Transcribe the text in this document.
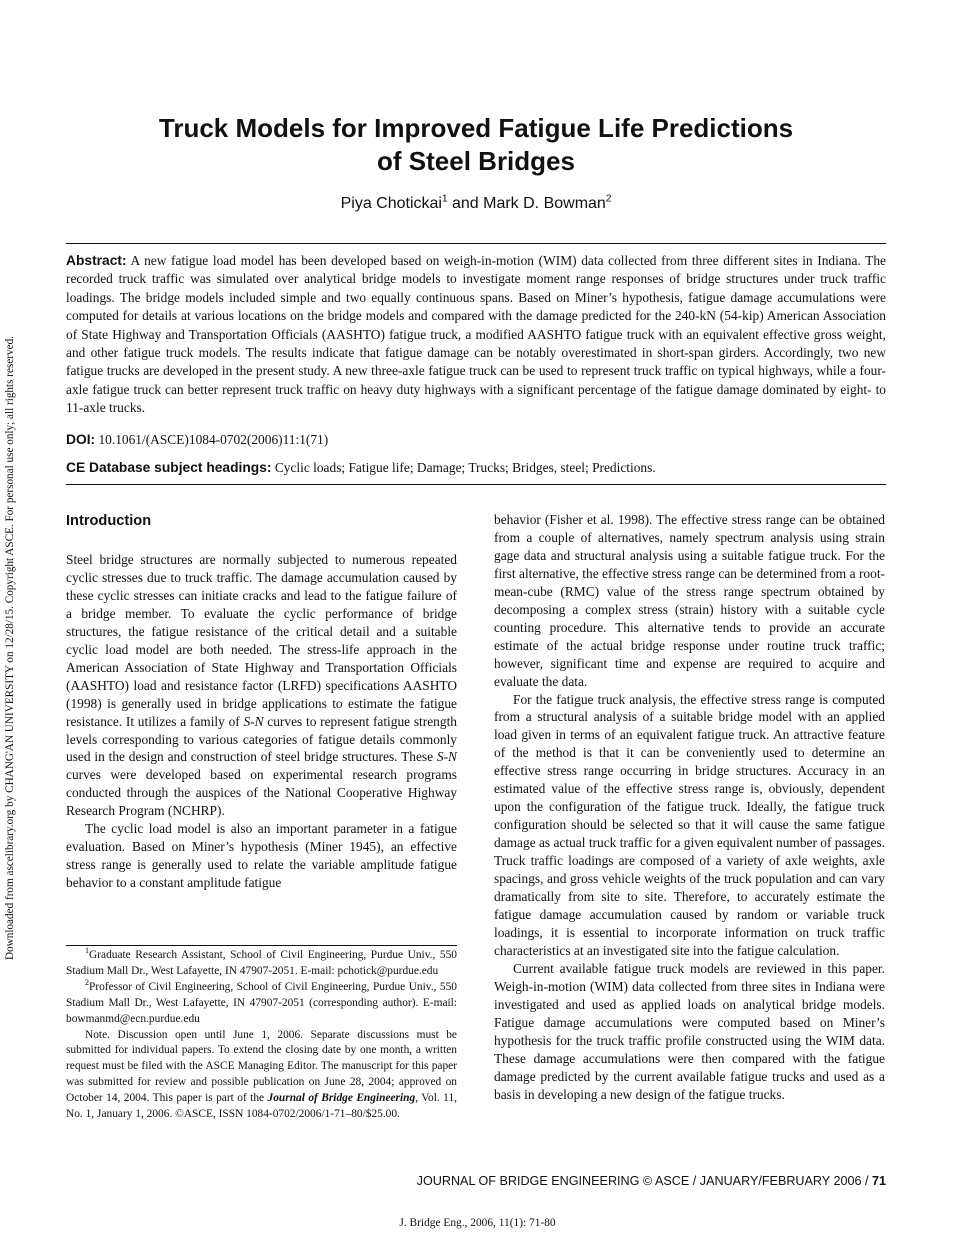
Downloaded from ascelibrary.org by CHANG'AN UNIVERSITY on 12/28/15. Copyright ASCE. For personal use only; all rights reserved.
Truck Models for Improved Fatigue Life Predictions
of Steel Bridges
Piya Chotickai$^1$ and Mark D. Bowman$^2$
Abstract: A new fatigue load model has been developed based on weigh-in-motion (WIM) data collected from three different sites in Indiana. The recorded truck traffic was simulated over analytical bridge models to investigate moment range responses of bridge structures under truck traffic loadings. The bridge models included simple and two equally continuous spans. Based on Miner’s hypothesis, fatigue damage accumulations were computed for details at various locations on the bridge models and compared with the damage predicted for the 240-kN (54-kip) American Association of State Highway and Transportation Officials (AASHTO) fatigue truck, a modified AASHTO fatigue truck with an equivalent effective gross weight, and other fatigue truck models. The results indicate that fatigue damage can be notably overestimated in short-span girders. Accordingly, two new fatigue trucks are developed in the present study. A new three-axle fatigue truck can be used to represent truck traffic on typical highways, while a four-axle fatigue truck can better represent truck traffic on heavy duty highways with a significant percentage of the fatigue damage dominated by eight- to 11-axle trucks.
DOI: 10.1061/(ASCE)1084-0702(2006)11:1(71)
CE Database subject headings: Cyclic loads; Fatigue life; Damage; Trucks; Bridges, steel; Predictions.
Introduction

Steel bridge structures are normally subjected to numerous repeated cyclic stresses due to truck traffic. The damage accumulation caused by these cyclic stresses can initiate cracks and lead to the fatigue failure of a bridge member. To evaluate the cyclic performance of bridge structures, the fatigue resistance of the critical detail and a suitable cyclic load model are both needed. The stress-life approach in the American Association of State Highway and Transportation Officials (AASHTO) load and resistance factor (LRFD) specifications AASHTO (1998) is generally used in bridge applications to estimate the fatigue resistance. It utilizes a family of S-N curves to represent fatigue strength levels corresponding to various categories of fatigue details commonly used in the design and construction of steel bridge structures. These S-N curves were developed based on experimental research programs conducted through the auspices of the National Cooperative Highway Research Program (NCHRP).

The cyclic load model is also an important parameter in a fatigue evaluation. Based on Miner’s hypothesis (Miner 1945), an effective stress range is generally used to relate the variable amplitude fatigue behavior to a constant amplitude fatigue

$^1$Graduate Research Assistant, School of Civil Engineering, Purdue Univ., 550 Stadium Mall Dr., West Lafayette, IN 47907-2051. E-mail: pchotick@purdue.edu

$^2$Professor of Civil Engineering, School of Civil Engineering, Purdue Univ., 550 Stadium Mall Dr., West Lafayette, IN 47907-2051 (corresponding author). E-mail: bowmanmd@ecn.purdue.edu

Note. Discussion open until June 1, 2006. Separate discussions must be submitted for individual papers. To extend the closing date by one month, a written request must be filed with the ASCE Managing Editor. The manuscript for this paper was submitted for review and possible publication on June 28, 2004; approved on October 14, 2004. This paper is part of the Journal of Bridge Engineering, Vol. 11, No. 1, January 1, 2006. ©ASCE, ISSN 1084-0702/2006/1-71–80/$25.00.

behavior (Fisher et al. 1998). The effective stress range can be obtained from a couple of alternatives, namely spectrum analysis using strain gage data and structural analysis using a suitable fatigue truck. For the first alternative, the effective stress range can be determined from a root-mean-cube (RMC) value of the stress range spectrum obtained by decomposing a complex stress (strain) history with a suitable cycle counting procedure. This alternative tends to provide an accurate estimate of the actual bridge response under routine truck traffic; however, significant time and expense are required to acquire and evaluate the data.

For the fatigue truck analysis, the effective stress range is computed from a structural analysis of a suitable bridge model with an applied load given in terms of an equivalent fatigue truck. An attractive feature of the method is that it can be conveniently used to determine an effective stress range occurring in bridge structures. Accuracy in an estimated value of the effective stress range is, obviously, dependent upon the configuration of the fatigue truck. Ideally, the fatigue truck configuration should be selected so that it will cause the same fatigue damage as actual truck traffic for a given equivalent number of passages. Truck traffic loadings are composed of a variety of axle weights, axle spacings, and gross vehicle weights of the truck population and can vary dramatically from site to site. Therefore, to accurately estimate the fatigue damage accumulation caused by random or variable truck loadings, it is essential to incorporate information on truck traffic characteristics at an investigated site into the fatigue calculation.

Current available fatigue truck models are reviewed in this paper. Weigh-in-motion (WIM) data collected from three sites in Indiana were investigated and used as applied loads on analytical bridge models. Fatigue damage accumulations were computed based on Miner’s hypothesis for the truck traffic profile constructed using the WIM data. These damage accumulations were then compared with the fatigue damage predicted by the current available fatigue trucks and used as a basis in developing a new design of the fatigue trucks.

JOURNAL OF BRIDGE ENGINEERING © ASCE / JANUARY/FEBRUARY 2006 / 71
J. Bridge Eng., 2006, 11(1): 71-80
